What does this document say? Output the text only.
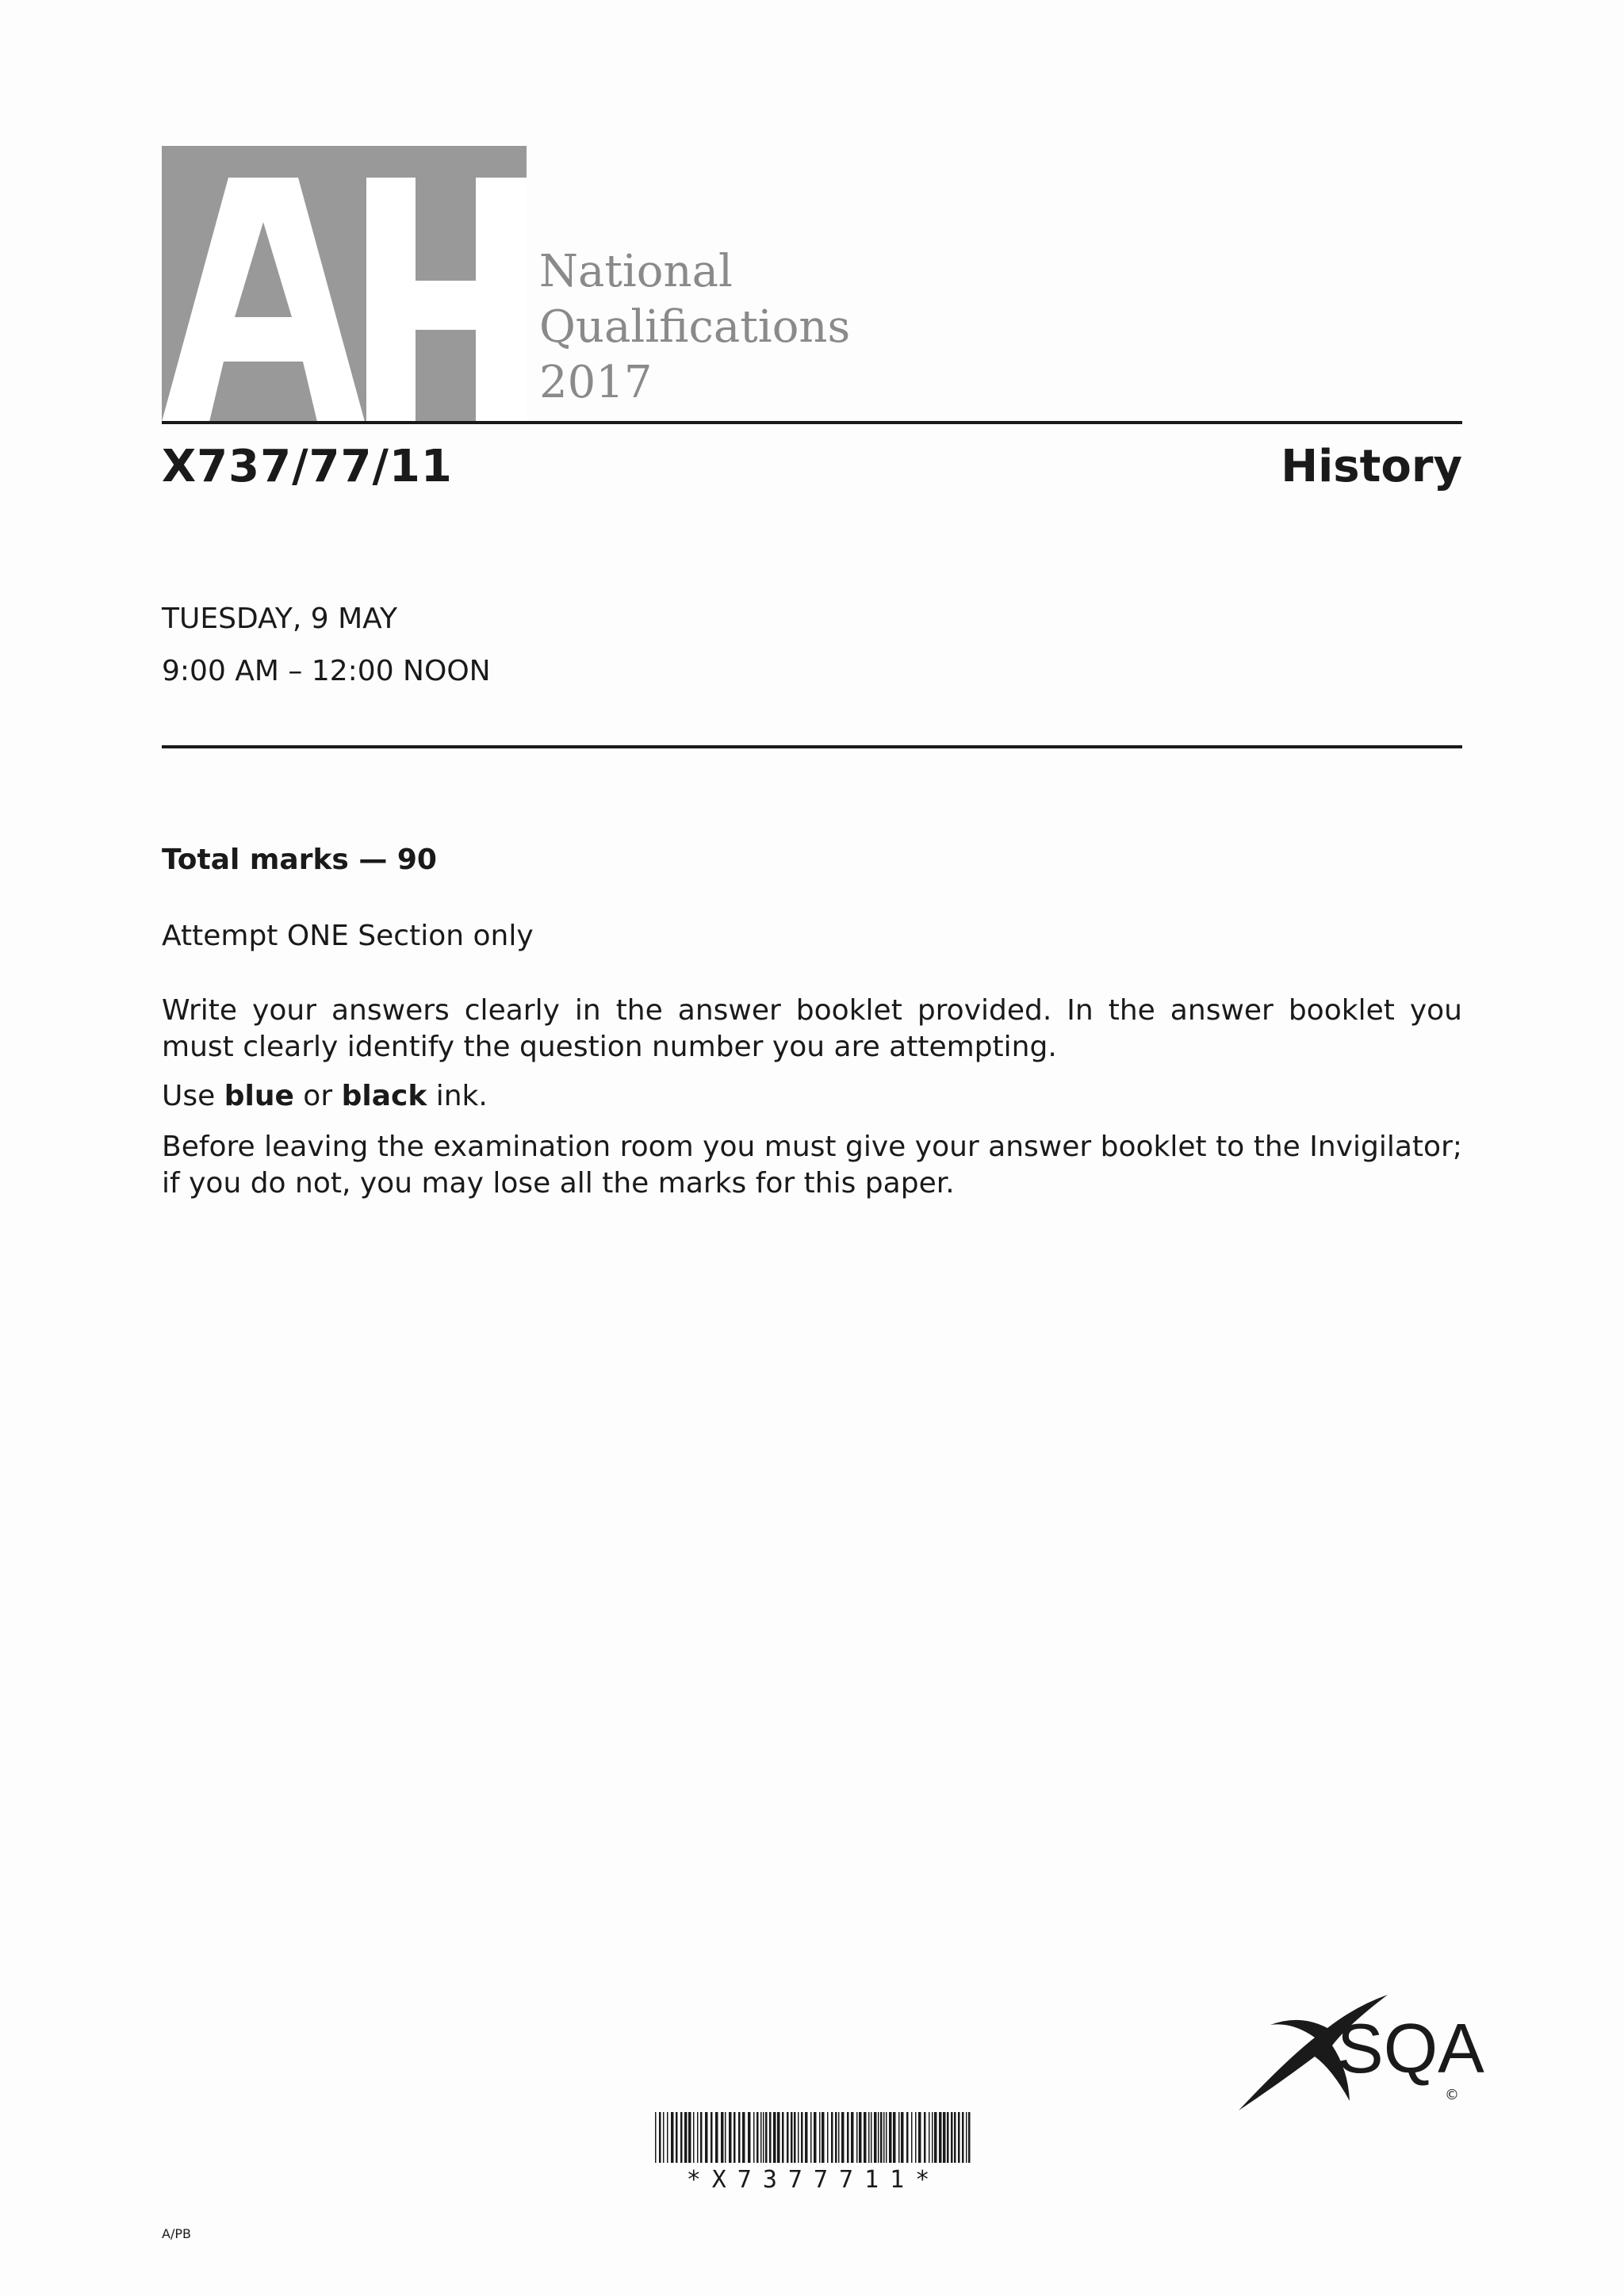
National
Qualifications
2017
X737/77/11	History
TUESDAY, 9 MAY
9:00 AM – 12:00 NOON
Total marks — 90
Attempt ONE Section only
Write your answers clearly in the answer booklet provided. In the answer booklet you must clearly identify the question number you are attempting.
Use blue or black ink.
Before leaving the examination room you must give your answer booklet to the Invigilator; if you do not, you may lose all the marks for this paper.
SQA
©
*X7377711*
A/PB
